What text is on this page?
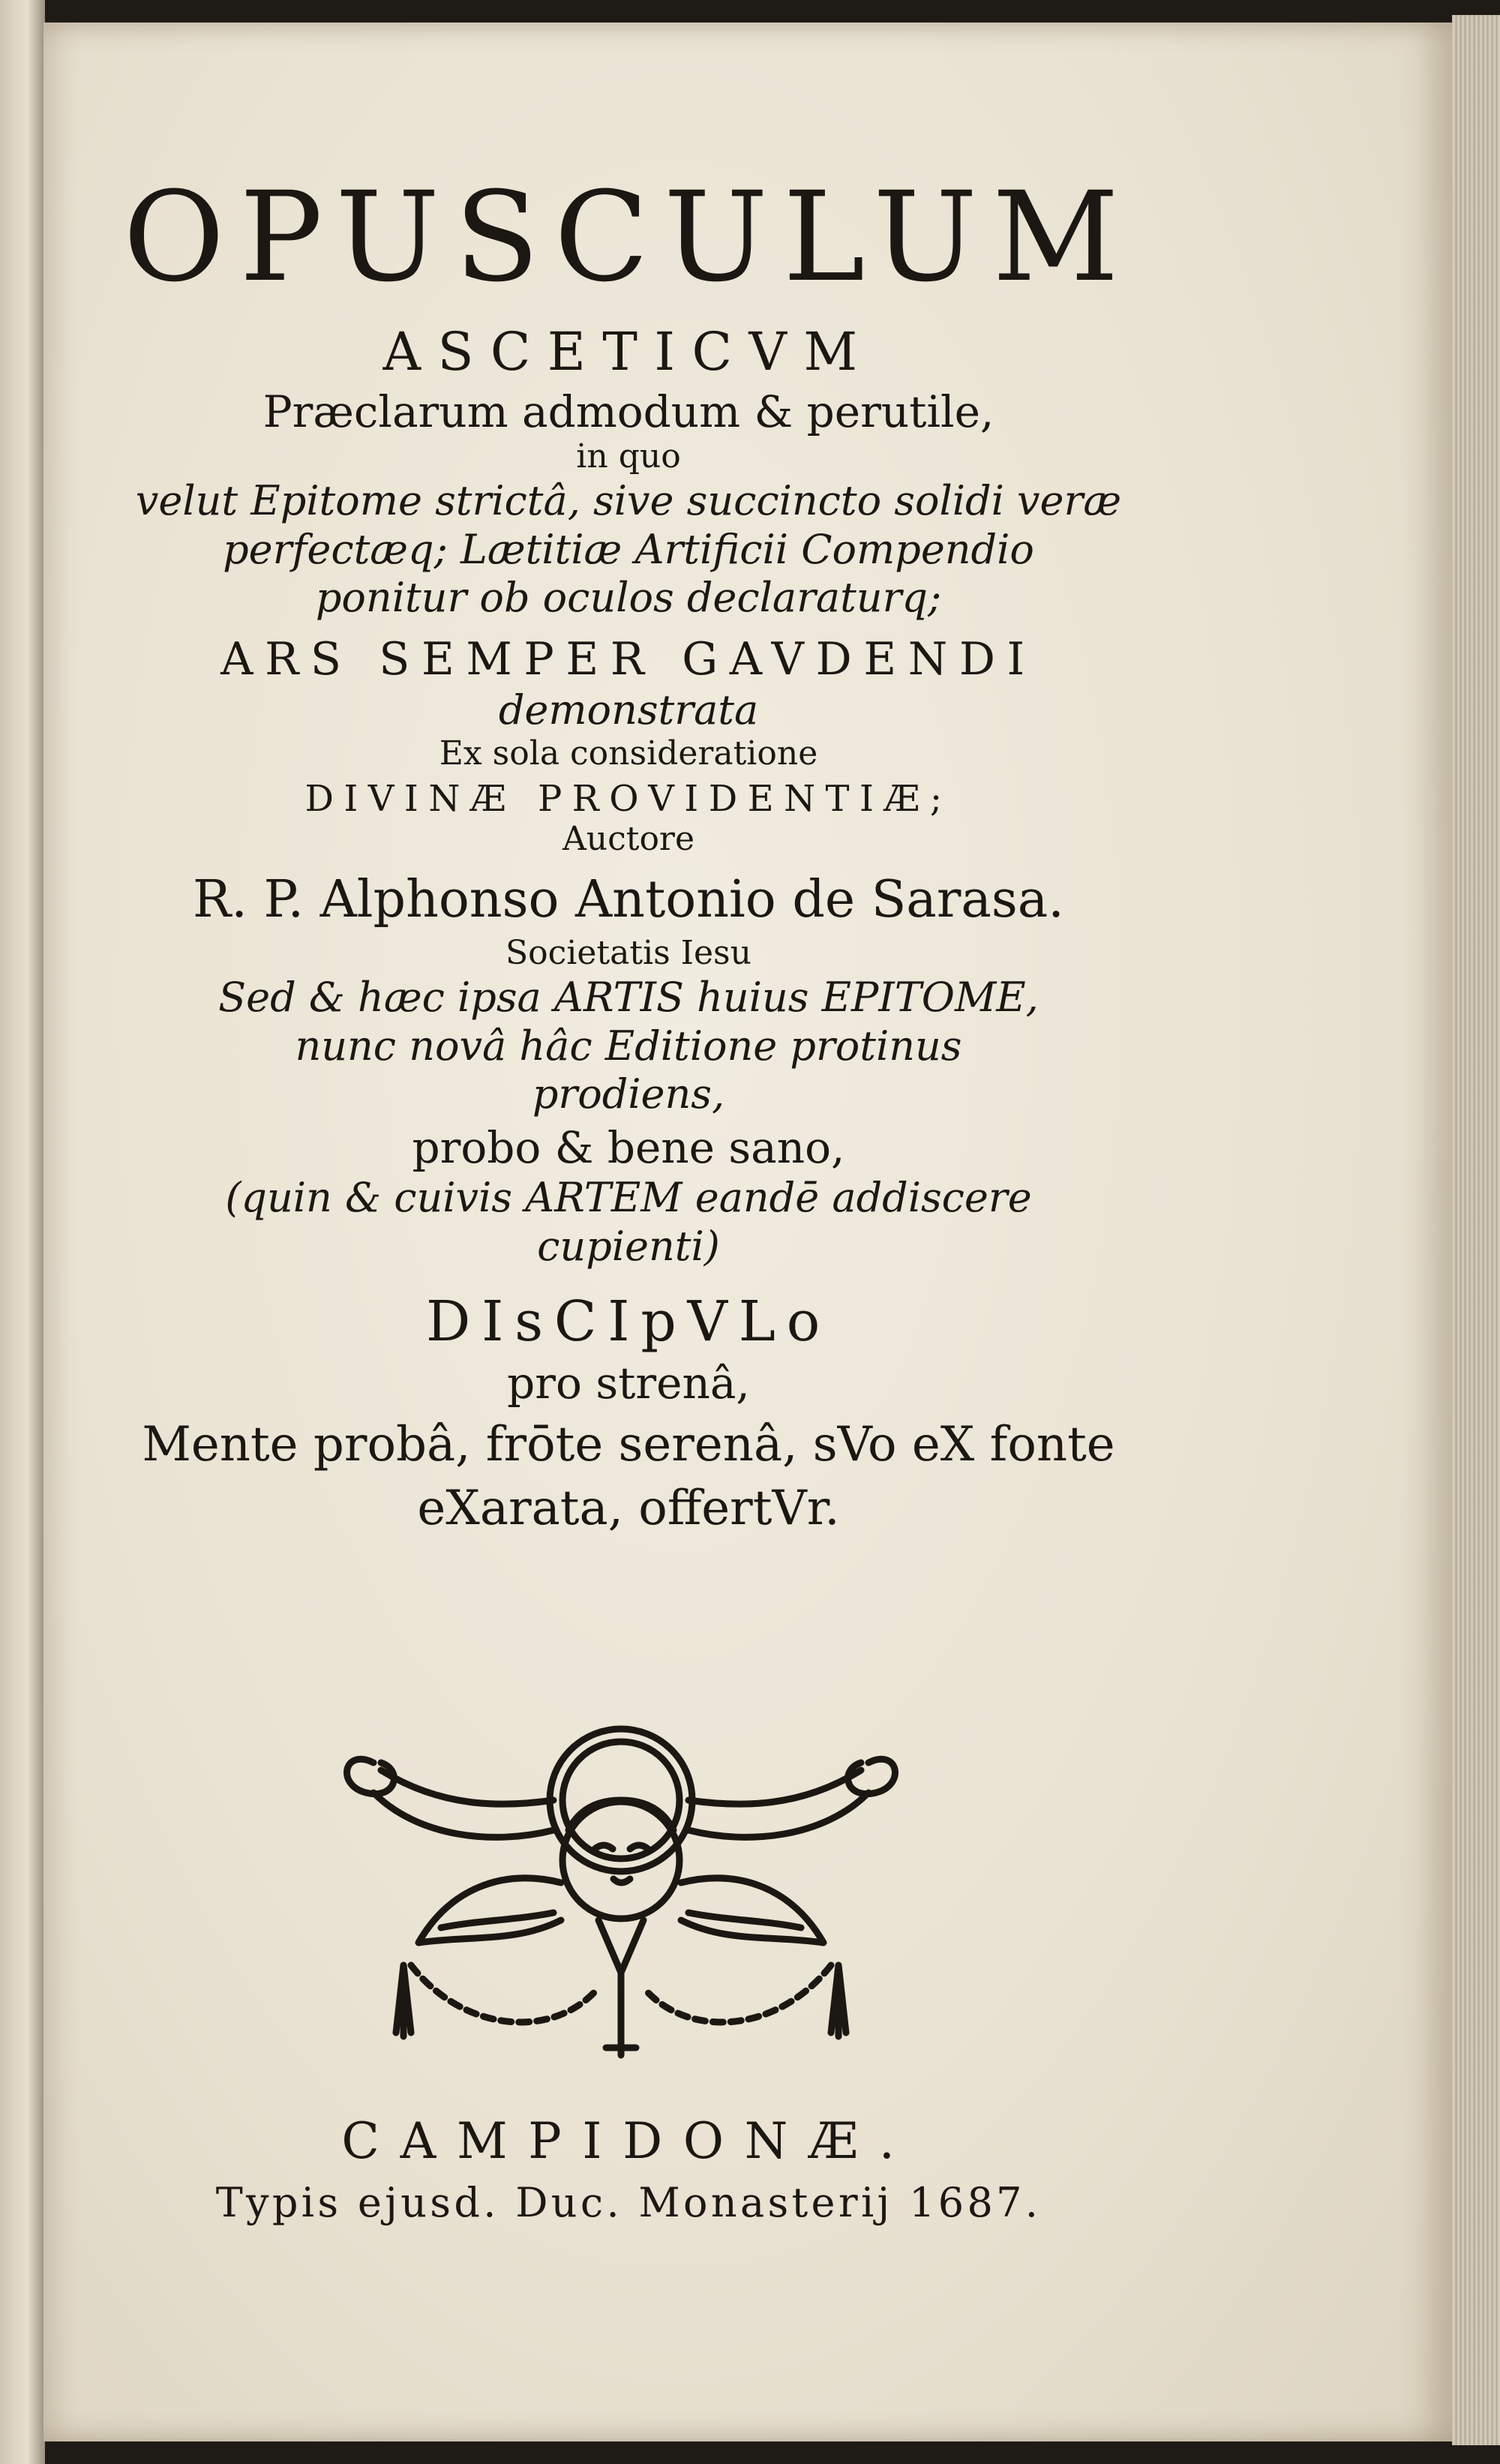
OPUSCULUM
ASCETICVM
Præclarum admodum & perutile,
in quo
velut Epitome strictâ, sive succincto solidi veræ
perfectæq; Lætitiæ Artificii Compendio
ponitur ob oculos declaraturq;
ARS SEMPER GAVDENDI
demonstrata
Ex sola consideratione
DIVINÆ PROVIDENTIÆ;
Auctore
R. P. Alphonso Antonio de Sarasa.
Societatis Iesu
Sed & hæc ipsa ARTIS huius EPITOME,
nunc novâ hâc Editione protinus
prodiens,
probo & bene sano,
(quin & cuivis ARTEM eandē addiscere
cupienti)
DIsCIpVLo
pro strenâ,
Mente probâ, frōte serenâ, sVo eX fonte
eXarata, offertVr.
CAMPIDONÆ.
Typis ejusd. Duc. Monasterij 1687.
